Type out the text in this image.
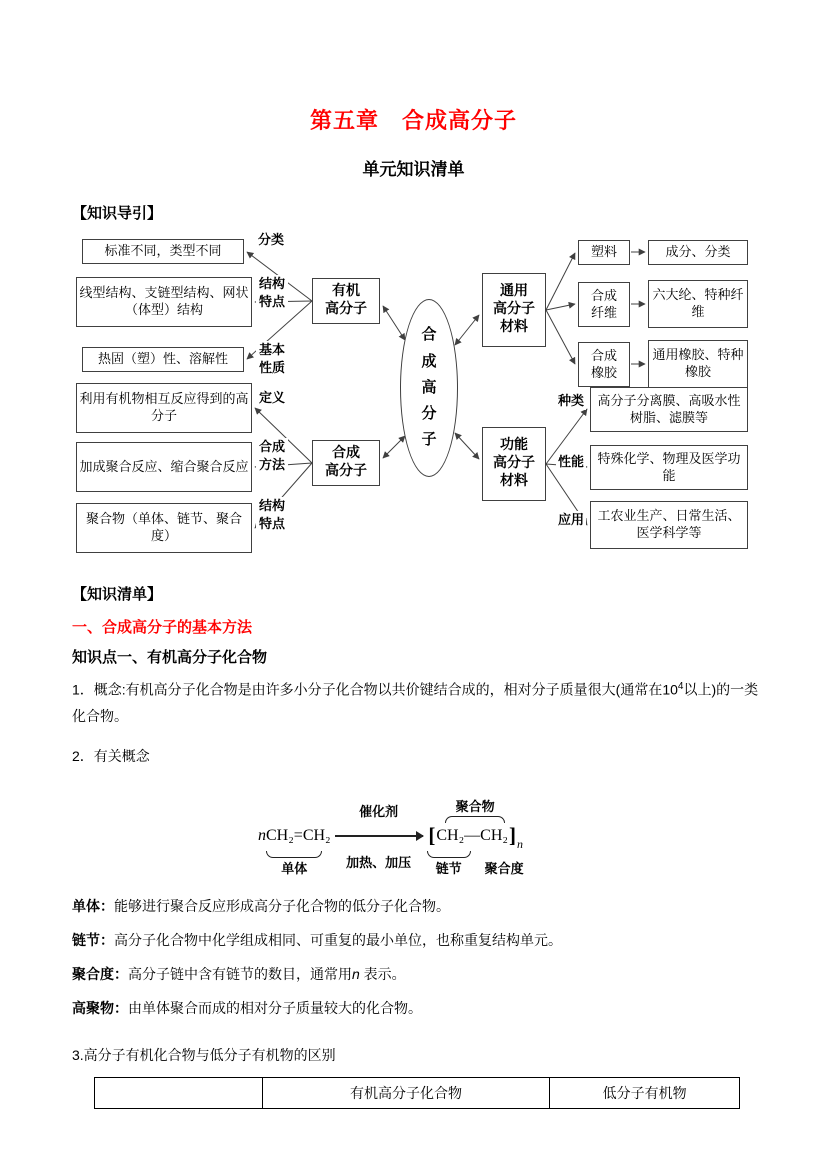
第五章　合成高分子
单元知识清单
【知识导引】
标准不同，类型不同
线型结构、支链型结构、网状（体型）结构
热固（塑）性、溶解性
利用有机物相互反应得到的高分子
加成聚合反应、缩合聚合反应
聚合物（单体、链节、聚合度）
分类
结构
特点
基本
性质
定义
合成
方法
结构
特点
有机
高分子
合成
高分子
合
成
高
分
子
通用
高分子
材料
功能
高分子
材料
塑料
合成
纤维
合成
橡胶
成分、分类
六大纶、特种纤维
通用橡胶、特种橡胶
种类	高分子分离膜、高吸水性树脂、滤膜等
性能	特殊化学、物理及医学功能
应用	工农业生产、日常生活、医学科学等
【知识清单】
一、合成高分子的基本方法
知识点一、有机高分子化合物
1．概念:有机高分子化合物是由许多小分子化合物以共价键结合成的，相对分子质量很大(通常在$10^4$以上)的一类化合物。
2．有关概念
n CH₂=CH₂
单体
催化剂
加热、加压
聚合物
[ CH₂—CH₂ ] n
链节 聚合度
单体：能够进行聚合反应形成高分子化合物的低分子化合物。
链节：高分子化合物中化学组成相同、可重复的最小单位，也称重复结构单元。
聚合度：高分子链中含有链节的数目，通常用n 表示。
高聚物：由单体聚合而成的相对分子质量较大的化合物。
3.高分子有机化合物与低分子有机物的区别
	有机高分子化合物	低分子有机物
